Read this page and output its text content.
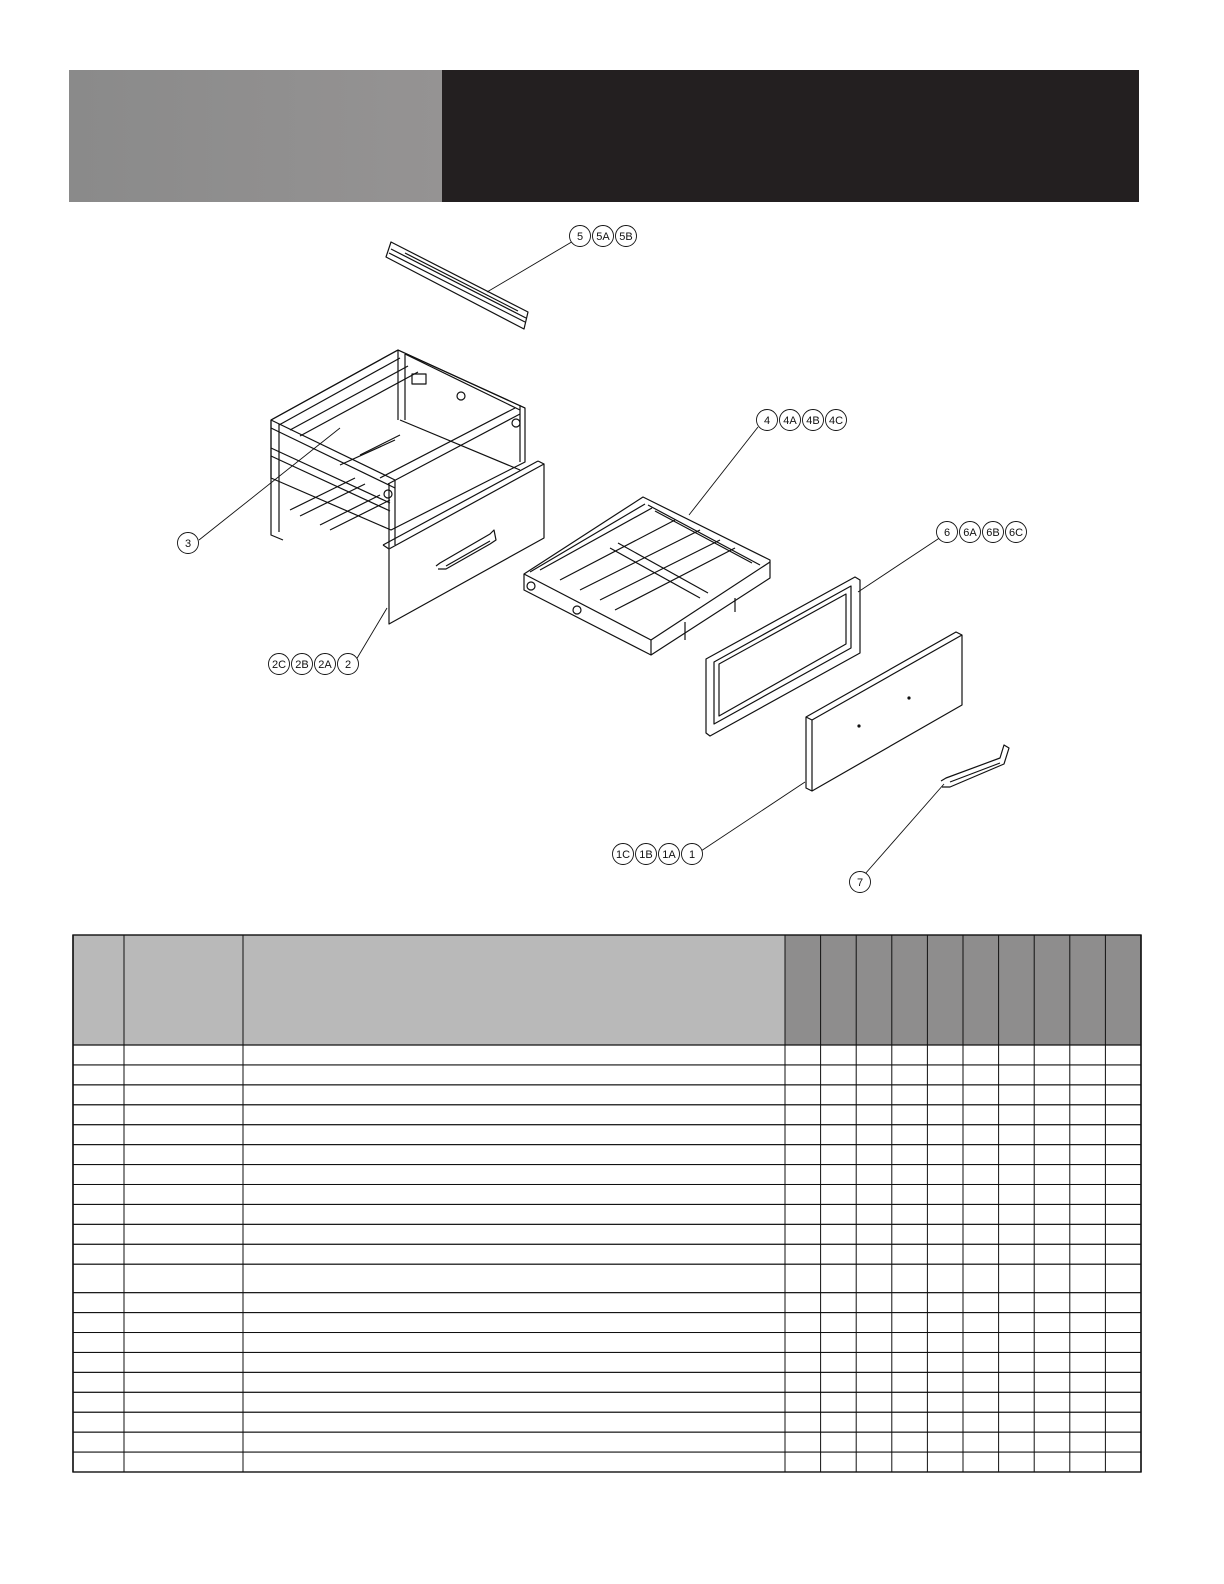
5 5A 5B
4 4A 4B 4C
6 6A 6B 6C
3
2C 2B 2A 2
1C 1B 1A 1
7
